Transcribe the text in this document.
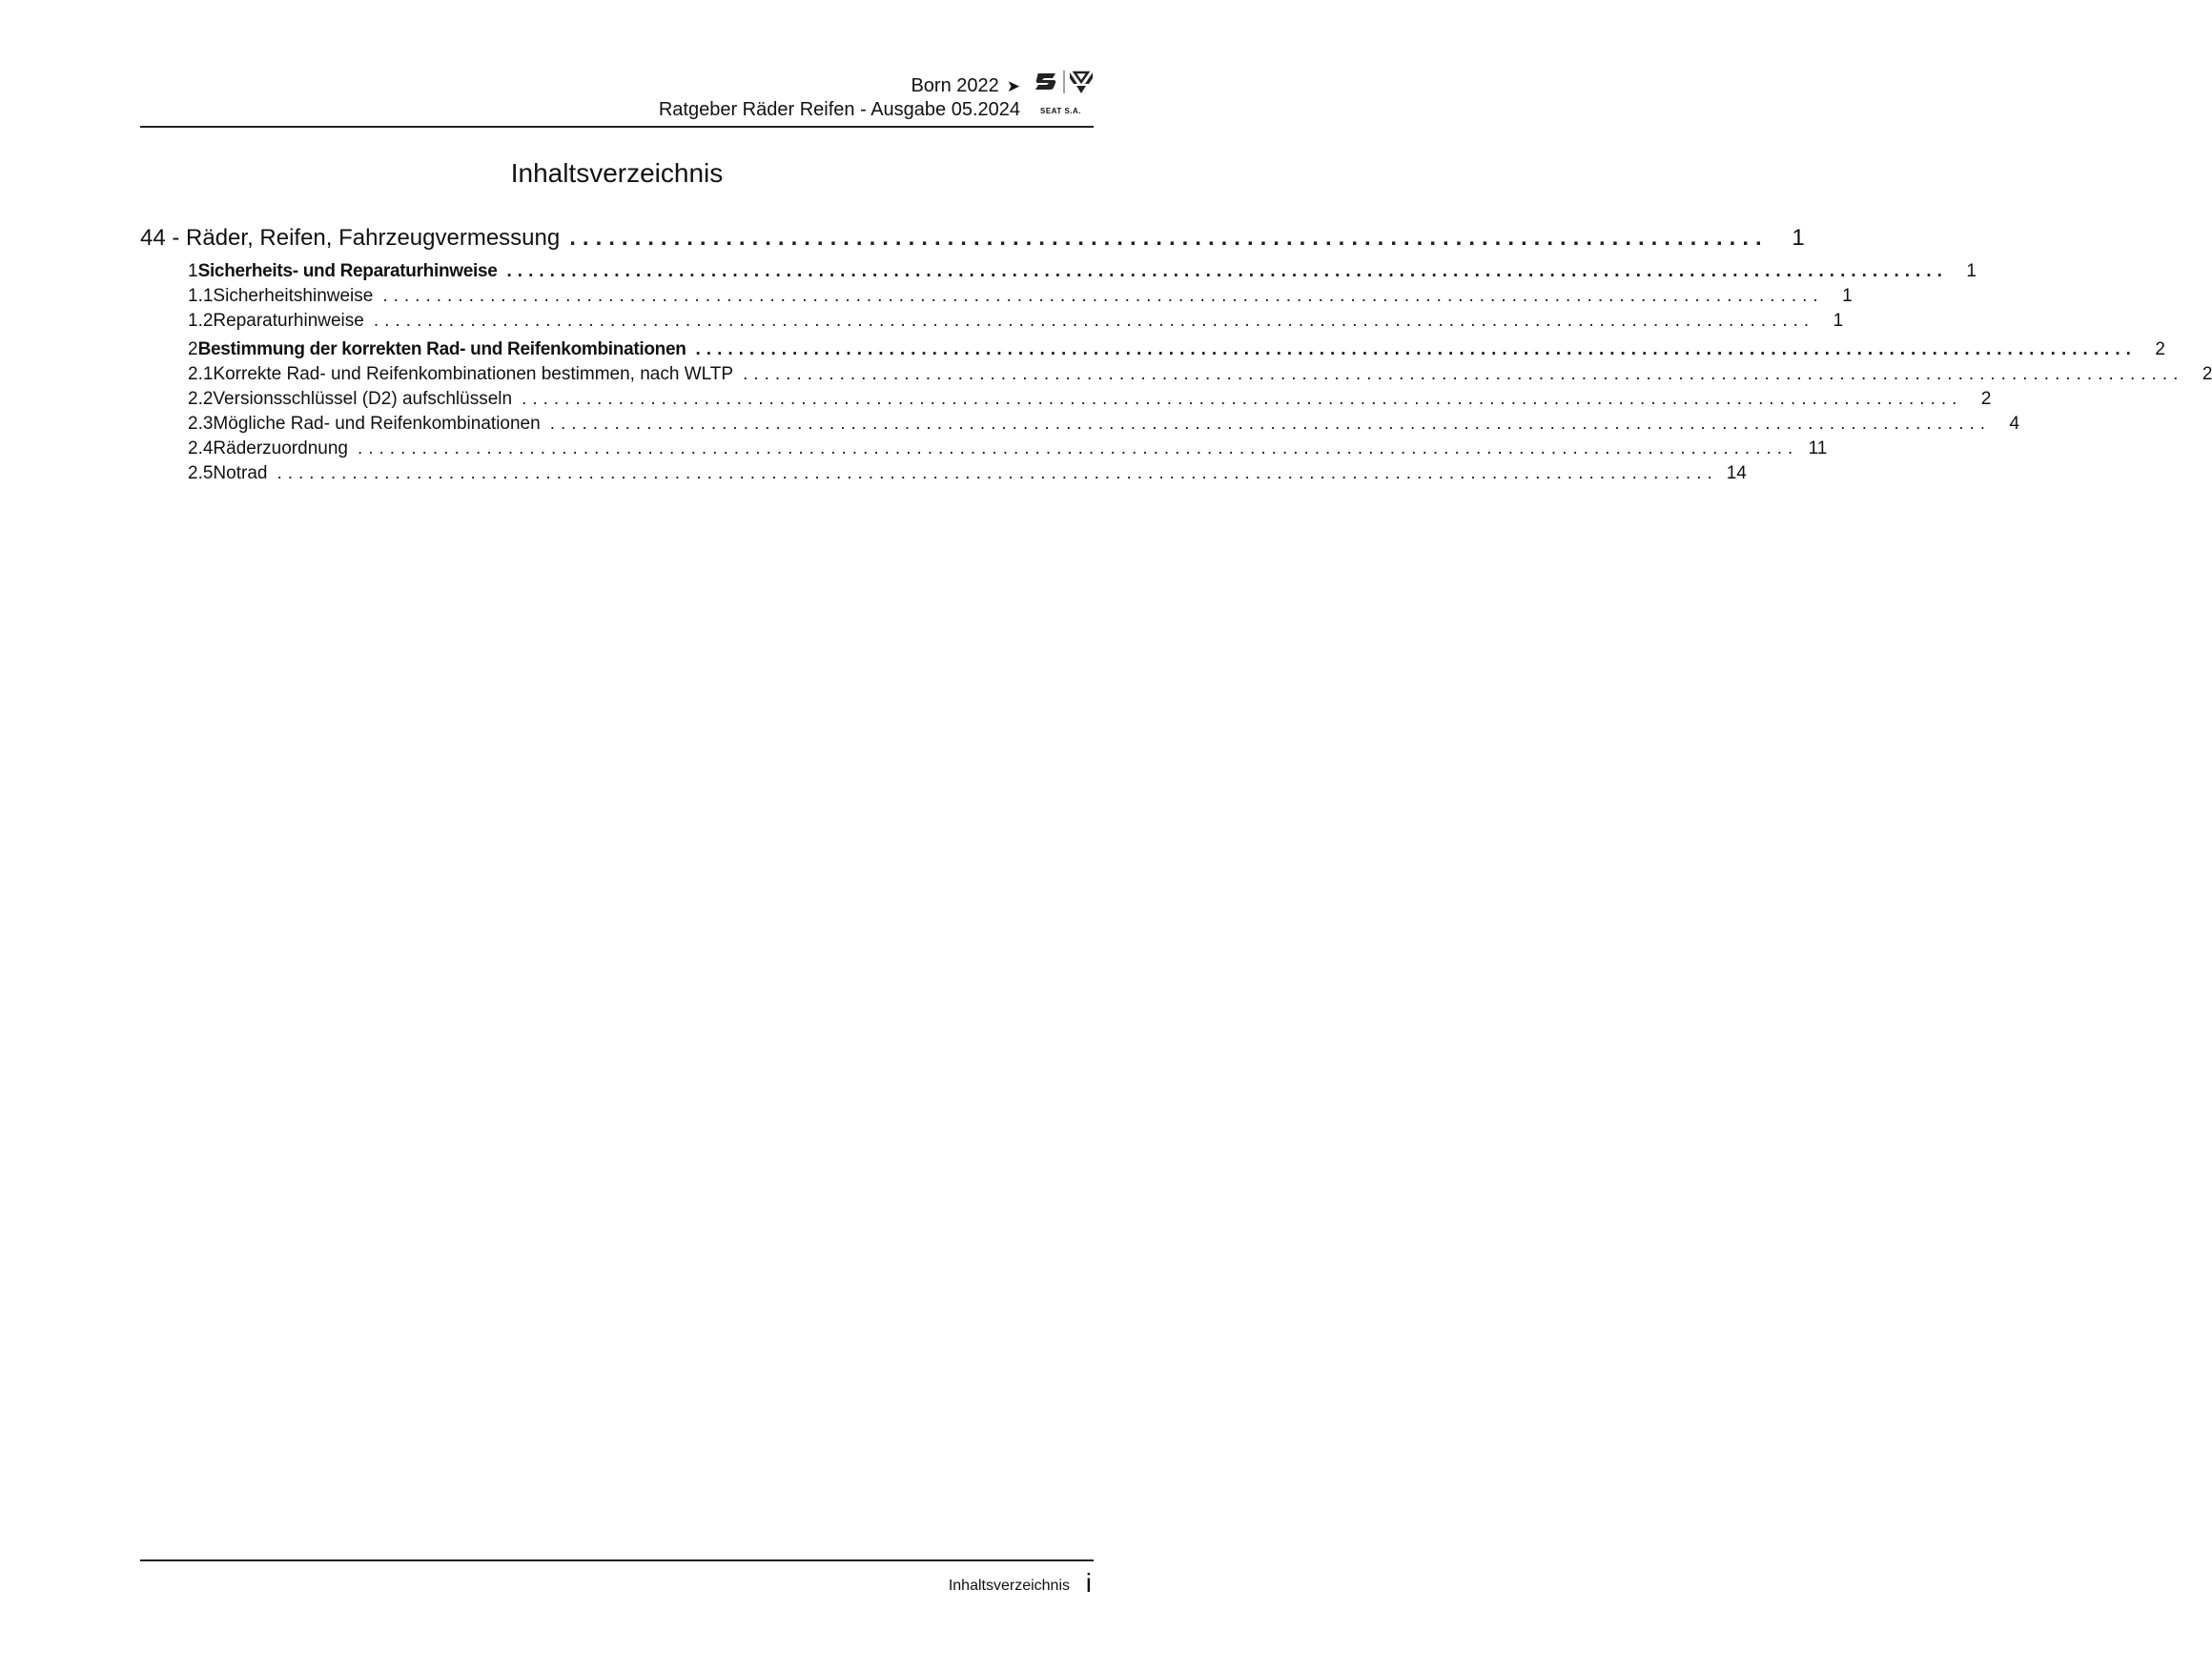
Born 2022 ➤
Ratgeber Räder Reifen - Ausgabe 05.2024	SEAT S.A.
Inhaltsverzeichnis
44 - Räder, Reifen, Fahrzeugvermessung ............................................................................................	1
1 Sicherheits- und Reparaturhinweise ......................................................................................................................................	1
1.1 Sicherheitshinweise ......................................................................................................................................	1
1.2 Reparaturhinweise ......................................................................................................................................	1
2 Bestimmung der korrekten Rad- und Reifenkombinationen ......................................................................................................................................	2
2.1 Korrekte Rad- und Reifenkombinationen bestimmen, nach WLTP ......................................................................................................................................	2
2.2 Versionsschlüssel (D2) aufschlüsseln ......................................................................................................................................	2
2.3 Mögliche Rad- und Reifenkombinationen ......................................................................................................................................	4
2.4 Räderzuordnung ...................................................................................................................................... 11
2.5 Notrad ...................................................................................................................................... 14
Inhaltsverzeichnis i
